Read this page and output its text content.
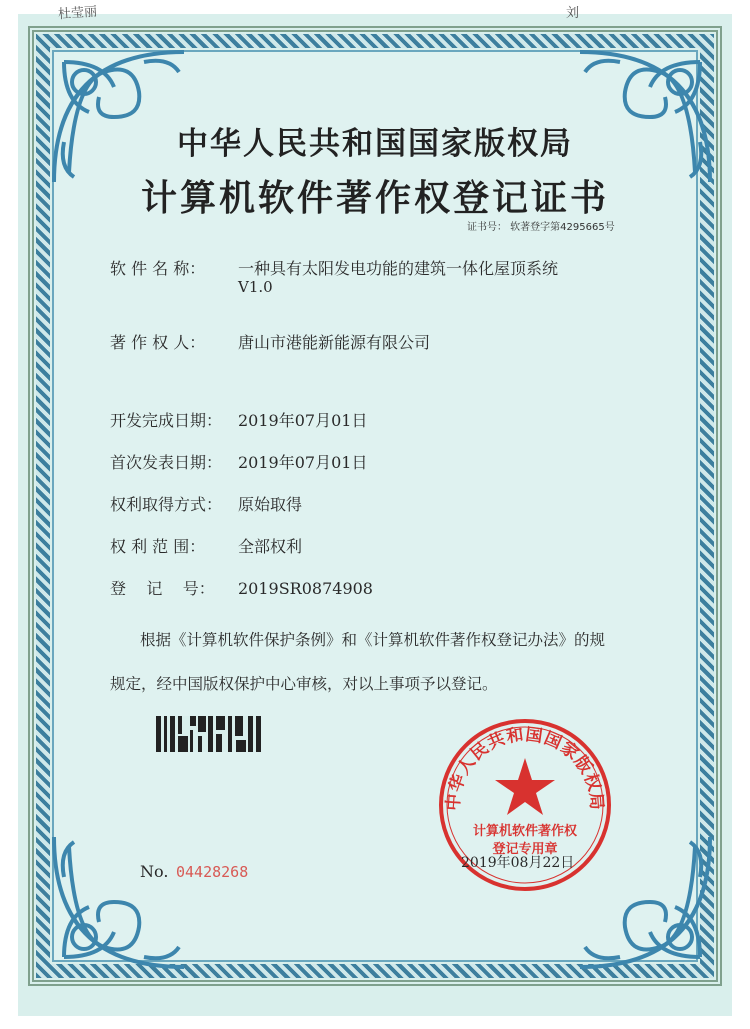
杜莹丽	刘
中华人民共和国国家版权局
计算机软件著作权登记证书
证书号： 软著登字第4295665号
软 件 名 称： 一种具有太阳发电功能的建筑一体化屋顶系统
V1.0
著 作 权 人： 唐山市港能新能源有限公司
开发完成日期： 2019年07月01日
首次发表日期： 2019年07月01日
权利取得方式： 原始取得
权 利 范 围： 全部权利
登    记    号： 2019SR0874908
根据《计算机软件保护条例》和《计算机软件著作权登记办法》的规
规定，经中国版权保护中心审核，对以上事项予以登记。
中华人民共和国国家版权局
计算机软件著作权
登记专用章
2019年08月22日
No. 04428268
